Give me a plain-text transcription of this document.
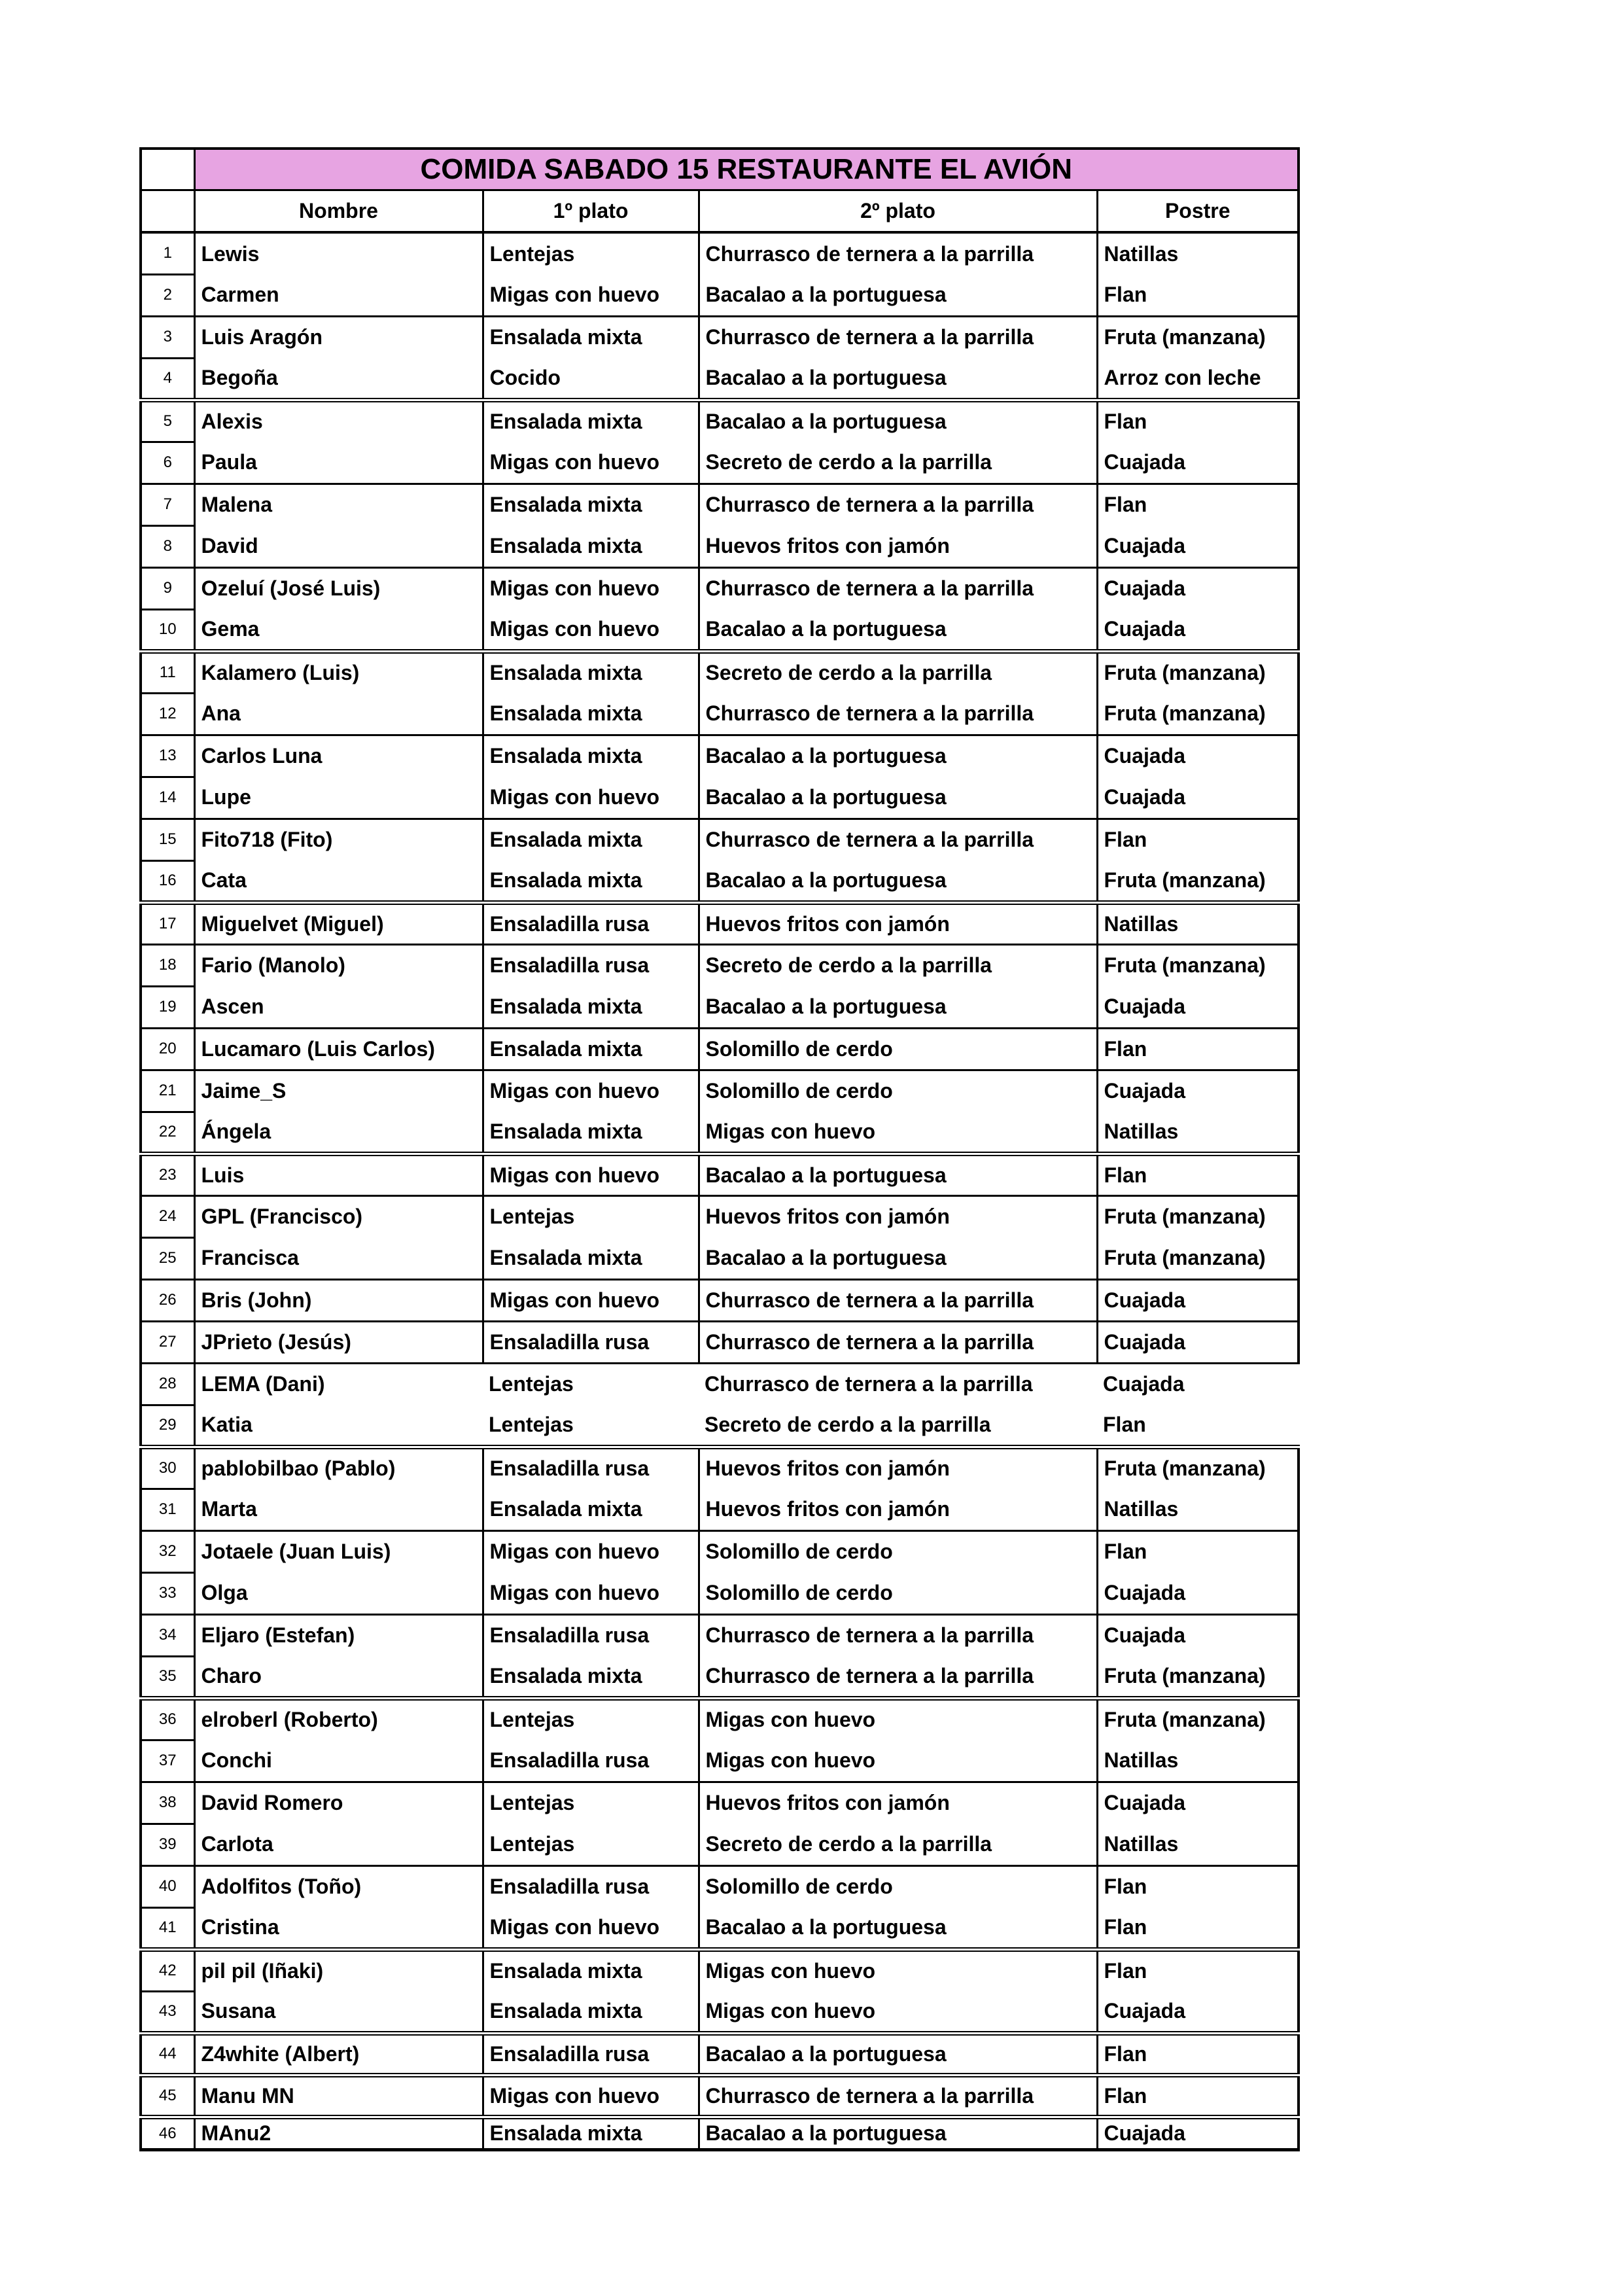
	COMIDA SABADO 15 RESTAURANTE EL AVIÓN			
	Nombre	1º plato	2º plato	Postre
1	Lewis	Lentejas	Churrasco de ternera a la parrilla	Natillas
2	Carmen	Migas con huevo	Bacalao a la portuguesa	Flan
3	Luis Aragón	Ensalada mixta	Churrasco de ternera a la parrilla	Fruta (manzana)
4	Begoña	Cocido	Bacalao a la portuguesa	Arroz con leche
5	Alexis	Ensalada mixta	Bacalao a la portuguesa	Flan
6	Paula	Migas con huevo	Secreto de cerdo a la parrilla	Cuajada
7	Malena	Ensalada mixta	Churrasco de ternera a la parrilla	Flan
8	David	Ensalada mixta	Huevos fritos con jamón	Cuajada
9	Ozeluí (José Luis)	Migas con huevo	Churrasco de ternera a la parrilla	Cuajada
10	Gema	Migas con huevo	Bacalao a la portuguesa	Cuajada
11	Kalamero (Luis)	Ensalada mixta	Secreto de cerdo a la parrilla	Fruta (manzana)
12	Ana	Ensalada mixta	Churrasco de ternera a la parrilla	Fruta (manzana)
13	Carlos Luna	Ensalada mixta	Bacalao a la portuguesa	Cuajada
14	Lupe	Migas con huevo	Bacalao a la portuguesa	Cuajada
15	Fito718 (Fito)	Ensalada mixta	Churrasco de ternera a la parrilla	Flan
16	Cata	Ensalada mixta	Bacalao a la portuguesa	Fruta (manzana)
17	Miguelvet (Miguel)	Ensaladilla rusa	Huevos fritos con jamón	Natillas
18	Fario (Manolo)	Ensaladilla rusa	Secreto de cerdo a la parrilla	Fruta (manzana)
19	Ascen	Ensalada mixta	Bacalao a la portuguesa	Cuajada
20	Lucamaro (Luis Carlos)	Ensalada mixta	Solomillo de cerdo	Flan
21	Jaime_S	Migas con huevo	Solomillo de cerdo	Cuajada
22	Ángela	Ensalada mixta	Migas con huevo	Natillas
23	Luis	Migas con huevo	Bacalao a la portuguesa	Flan
24	GPL (Francisco)	Lentejas	Huevos fritos con jamón	Fruta (manzana)
25	Francisca	Ensalada mixta	Bacalao a la portuguesa	Fruta (manzana)
26	Bris (John)	Migas con huevo	Churrasco de ternera a la parrilla	Cuajada
27	JPrieto (Jesús)	Ensaladilla rusa	Churrasco de ternera a la parrilla	Cuajada
28	LEMA (Dani)	Lentejas	Churrasco de ternera a la parrilla	Cuajada
29	Katia	Lentejas	Secreto de cerdo a la parrilla	Flan
30	pablobilbao (Pablo)	Ensaladilla rusa	Huevos fritos con jamón	Fruta (manzana)
31	Marta	Ensalada mixta	Huevos fritos con jamón	Natillas
32	Jotaele (Juan Luis)	Migas con huevo	Solomillo de cerdo	Flan
33	Olga	Migas con huevo	Solomillo de cerdo	Cuajada
34	Eljaro (Estefan)	Ensaladilla rusa	Churrasco de ternera a la parrilla	Cuajada
35	Charo	Ensalada mixta	Churrasco de ternera a la parrilla	Fruta (manzana)
36	elroberl (Roberto)	Lentejas	Migas con huevo	Fruta (manzana)
37	Conchi	Ensaladilla rusa	Migas con huevo	Natillas
38	David Romero	Lentejas	Huevos fritos con jamón	Cuajada
39	Carlota	Lentejas	Secreto de cerdo a la parrilla	Natillas
40	Adolfitos (Toño)	Ensaladilla rusa	Solomillo de cerdo	Flan
41	Cristina	Migas con huevo	Bacalao a la portuguesa	Flan
42	pil pil (Iñaki)	Ensalada mixta	Migas con huevo	Flan
43	Susana	Ensalada mixta	Migas con huevo	Cuajada
44	Z4white (Albert)	Ensaladilla rusa	Bacalao a la portuguesa	Flan
45	Manu MN	Migas con huevo	Churrasco de ternera a la parrilla	Flan
46	MAnu2	Ensalada mixta	Bacalao a la portuguesa	Cuajada
